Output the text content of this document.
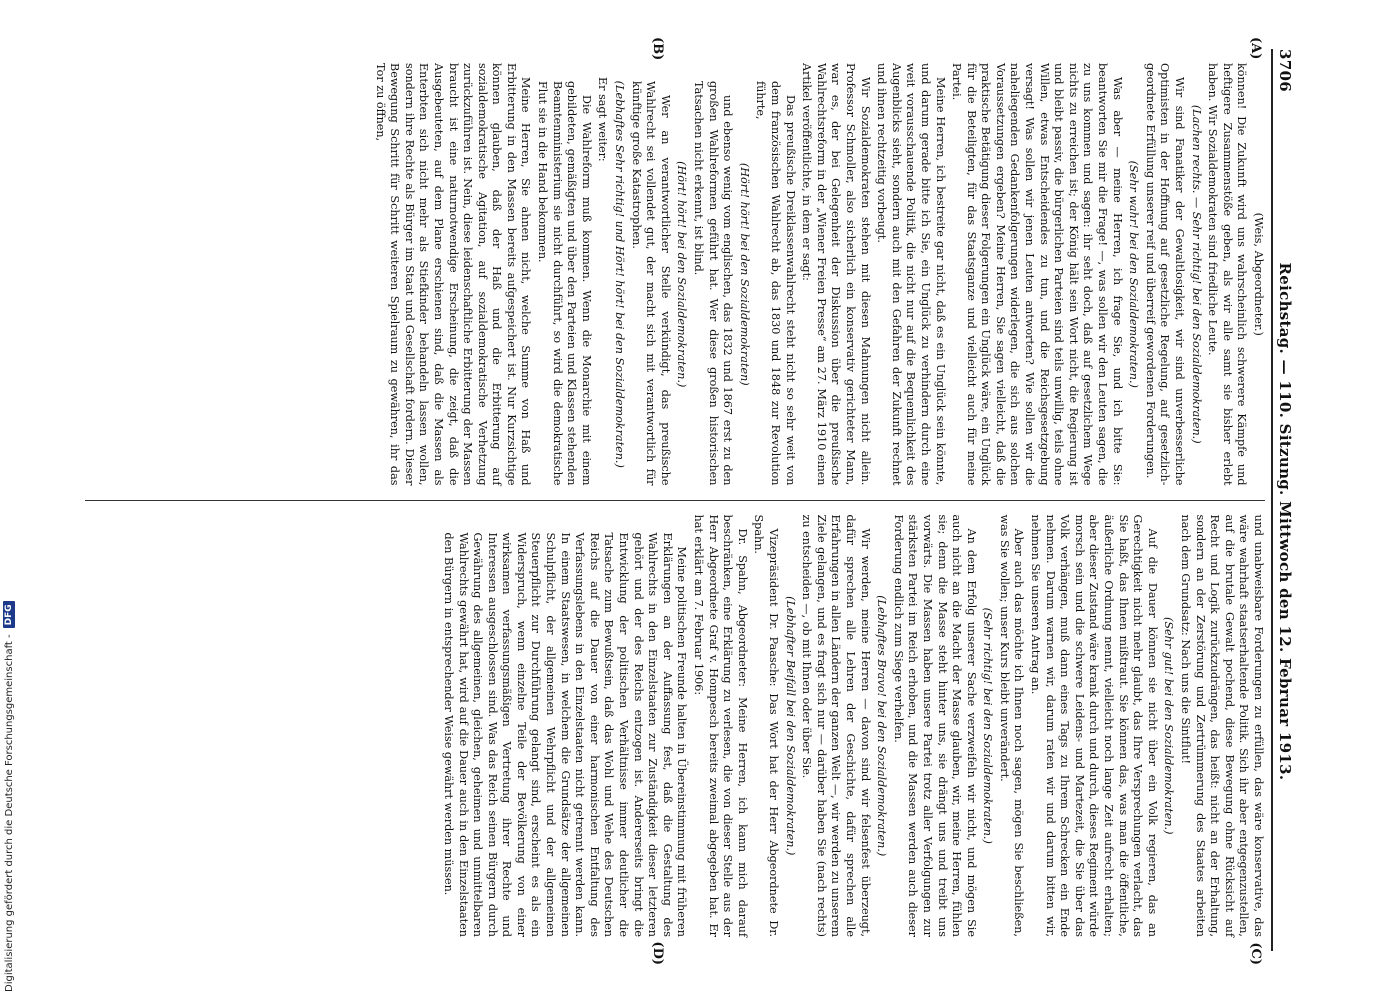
Digitalisierung gefördert durch die Deutsche Forschungsgemeinschaft -
DFG
3706
Reichstag. — 110. Sitzung. Mittwoch den 12. Februar 1913.
(A)
(B)
(C)
(D)

(Weis, Abgeordneter.)

können! Die Zukunft wird uns wahrscheinlich schwerere Kämpfe und heftigere Zusammenstöße geben, als wir alle samt sie bisher erlebt haben. Wir Sozialdemokraten sind friedliche Leute.

(Lachen rechts. — Sehr richtig! bei den Sozialdemokraten.)

Wir sind Fanatiker der Gewaltlosigkeit, wir sind unverbesserliche Optimisten in der Hoffnung auf gesetzliche Regelung, auf gesetzlich-geordnete Erfüllung unserer reif und überreif gewordenen Forderungen.

(Sehr wahr! bei den Sozialdemokraten.)

Was aber — meine Herren, ich frage Sie, und ich bitte Sie: beantworten Sie mir die Frage! —, was sollen wir den Leuten sagen, die zu uns kommen und sagen: ihr seht doch, daß auf gesetzlichem Wege nichts zu erreichen ist; der König hält sein Wort nicht, die Regierung ist und bleibt passiv, die bürgerlichen Parteien sind teils unwillig, teils ohne Willen, etwas Entscheidendes zu tun, und die Reichsgesetzgebung versagt! Was sollen wir jenen Leuten antworten? Wie sollen wir die naheliegenden Gedankenfolgerungen widerlegen, die sich aus solchen Voraussetzungen ergeben? Meine Herren, Sie sagen vielleicht, daß die praktische Betätigung dieser Folgerungen ein Unglück wäre, ein Unglück für die Beteiligten, für das Staatsganze und vielleicht auch für meine Partei.

Meine Herren, ich bestreite gar nicht, daß es ein Unglück sein könnte, und darum gerade bitte ich Sie, ein Unglück zu verhindern durch eine weit vorausschauende Politik, die nicht nur auf die Bequemlichkeit des Augenblicks sieht, sondern auch mit den Gefahren der Zukunft rechnet und ihnen rechtzeitig vorbeugt.

Wir Sozialdemokraten stehen mit diesen Mahnungen nicht allein. Professor Schmoller, also sicherlich ein konservativ gerichteter Mann, war es, der bei Gelegenheit der Diskussion über die preußische Wahlrechtsreform in der „Wiener Freien Presse“ am 27. März 1910 einen Artikel veröffentlichte, in dem er sagt:

Das preußische Dreiklassenwahlrecht steht nicht so sehr weit von dem französischen Wahlrecht ab, das 1830 und 1848 zur Revolution führte,

(Hört! hört! bei den Sozialdemokraten)

und ebenso wenig vom englischen, das 1832 und 1867 erst zu den großen Wahlreformen geführt hat. Wer diese großen historischen Tatsachen nicht erkennt, ist blind.

(Hört! hört! bei den Sozialdemokraten.)

Wer an verantwortlicher Stelle verkündigt, das preußische Wahlrecht sei vollendet gut, der macht sich mit verantwortlich für künftige große Katastrophen.

(Lebhaftes Sehr richtig! und Hört! hört! bei den Sozialdemokraten.)

Er sagt weiter:

Die Wahlreform muß kommen. Wenn die Monarchie mit einem gebildeten, gemäßigten und über den Parteien und Klassen stehenden Beamtenministerium sie nicht durchführt, so wird die demokratische Flut sie in die Hand bekommen.

Meine Herren, Sie ahnen nicht, welche Summe von Haß und Erbitterung in den Massen bereits aufgespeichert ist. Nur Kurzsichtige können glauben, daß der Haß und die Erbitterung auf sozialdemokratische Agitation, auf sozialdemokratische Verhetzung zurückzuführen ist. Nein, diese leidenschaftliche Erbitterung der Massen braucht ist eine naturnotwendige Erscheinung, die zeigt, daß die Ausgebeuteten, auf dem Plane erschienen sind, daß die Massen als Enterbten sich nicht mehr als Stiefkinder behandeln lassen wollen, sondern ihre Rechte als Bürger im Staat und Gesellschaft fordern. Dieser Bewegung Schritt für Schritt weiteren Spielraum zu gewähren, ihr das Tor zu öffnen,

und unabweisbare Forderungen zu erfüllen, das wäre konservative, das wäre wahrhaft staatserhaltende Politik. Sich ihr aber entgegenzustellen, auf die brutale Gewalt pochend, diese Bewegung ohne Rücksicht auf Recht und Logik zurückzudrängen, das heißt: nicht an der Erhaltung, sondern an der Zerstörung und Zertrümmerung des Staates arbeiten nach dem Grundsatz: Nach uns die Sintflut!

(Sehr gut! bei den Sozialdemokraten.)

Auf die Dauer können sie nicht über ein Volk regieren, das an Gerechtigkeit nicht mehr glaubt, das Ihre Versprechungen verlacht, das Sie haßt, das Ihnen mißtraut. Sie können das, was man die öffentliche, äußerliche Ordnung nennt, vielleicht noch lange Zeit aufrecht erhalten; aber dieser Zustand wäre krank durch und durch, dieses Regiment würde morsch sein und die schwere Leidens- und Martezeit, die Sie über das Volk verhängen, muß dann eines Tags zu Ihrem Schrecken ein Ende nehmen. Darum warnen wir, darum raten wir und darum bitten wir, nehmen Sie unseren Antrag an.

Aber auch das möchte ich Ihnen noch sagen, mögen Sie beschließen, was Sie wollen; unser Kurs bleibt unverändert.

(Sehr richtig! bei den Sozialdemokraten.)

An dem Erfolg unserer Sache verzweifeln wir nicht, und mögen Sie auch nicht an die Macht der Masse glauben, wir, meine Herren, fühlen sie; denn die Masse steht hinter uns, sie drängt uns und treibt uns vorwärts. Die Massen haben unsere Partei trotz aller Verfolgungen zur stärksten Partei im Reich erhoben, und die Massen werden auch dieser Forderung endlich zum Siege verhelfen.

(Lebhaftes Bravo! bei den Sozialdemokraten.)

Wir werden, meine Herren — davon sind wir felsenfest überzeugt, dafür sprechen alle Lehren der Geschichte, dafür sprechen alle Erfahrungen in allen Ländern der ganzen Welt —, wir werden zu unserem Ziele gelangen, und es fragt sich nur — darüber haben Sie (nach rechts) zu entscheiden —, ob mit Ihnen oder über Sie.

(Lebhafter Beifall bei den Sozialdemokraten.)

Vizepräsident Dr. Paasche: Das Wort hat der Herr Abgeordnete Dr. Spahn.

Dr. Spahn, Abgeordneter: Meine Herren, ich kann mich darauf beschränken, eine Erklärung zu verlesen, die von dieser Stelle aus der Herr Abgeordnete Graf v. Hompesch bereits zweimal abgegeben hat. Er hat erklärt am 7. Februar 1906:

Meine politischen Freunde halten in Übereinstimmung mit früheren Erklärungen an der Auffassung fest, daß die Gestaltung des Wahlrechts in den Einzelstaaten zur Zuständigkeit dieser letzteren gehört und der des Reichs entzogen ist. Andererseits bringt die Entwicklung der politischen Verhältnisse immer deutlicher die Tatsache zum Bewußtsein, daß das Wohl und Wehe des Deutschen Reichs auf die Dauer von einer harmonischen Entfaltung des Verfassungslebens in den Einzelstaaten nicht getrennt werden kann. In einem Staatswesen, in welchem die Grundsätze der allgemeinen Schulpflicht, der allgemeinen Wehrpflicht und der allgemeinen Steuerpflicht zur Durchführung gelangt sind, erscheint es als ein Widerspruch, wenn einzelne Teile der Bevölkerung von einer wirksamen verfassungsmäßigen Vertretung ihrer Rechte und Interessen ausgeschlossen sind. Was das Reich seinen Bürgern durch Gewährung des allgemeinen, gleichen, geheimen und unmittelbaren Wahlrechts gewährt hat, wird auf die Dauer auch in den Einzelstaaten den Bürgern in entsprechender Weise gewährt werden müssen.
